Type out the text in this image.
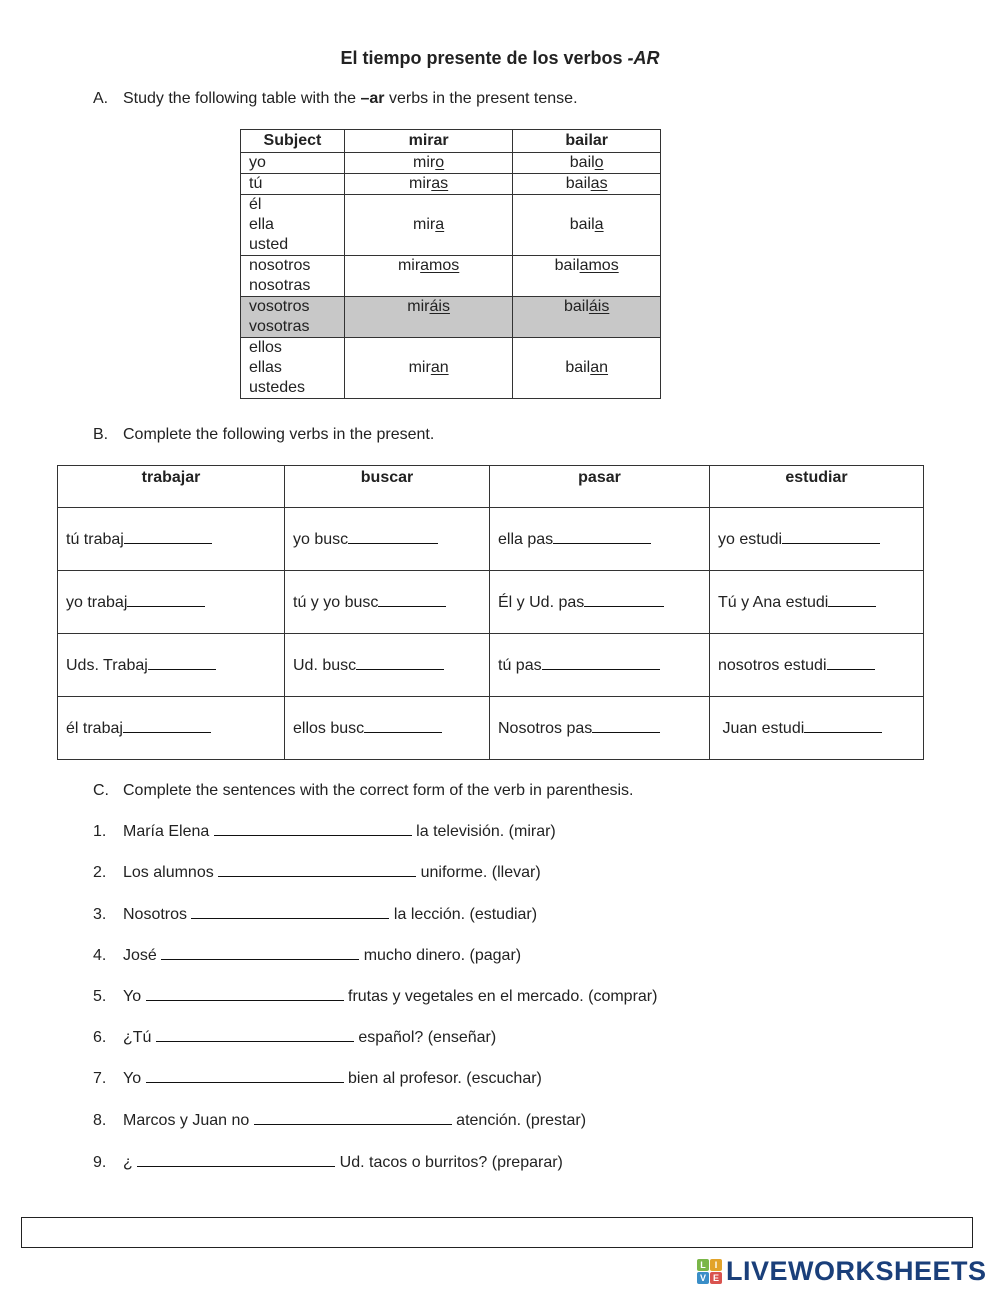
El tiempo presente de los verbos -AR
A. Study the following table with the –ar verbs in the present tense.
Subject	mirar	bailar

yo	miro	bailo

tú	miras	bailas

él
ella
usted	mira	baila

nosotros
nosotras	miramos	bailamos

vosotros
vosotras	miráis	bailáis

ellos
ellas
ustedes	miran	bailan
B. Complete the following verbs in the present.
trabajar	buscar	pasar	estudiar
tú trabaj	yo busc	ella pas	yo estudi
yo trabaj	tú y yo busc	Él y Ud. pas	Tú y Ana estudi
Uds. Trabaj	Ud. busc	tú pas	nosotros estudi
él trabaj	ellos busc	Nosotros pas	Juan estudi
C. Complete the sentences with the correct form of the verb in parenthesis.
1. María Elena	la televisión. (mirar)
2. Los alumnos	uniforme. (llevar)
3. Nosotros	la lección. (estudiar)
4. José	mucho dinero. (pagar)
5. Yo	frutas y vegetales en el mercado. (comprar)
6. ¿Tú	español? (enseñar)
7. Yo	bien al profesor. (escuchar)
8. Marcos y Juan no	atención. (prestar)
9. ¿	Ud. tacos o burritos? (preparar)
L I
V E LIVEWORKSHEETS
